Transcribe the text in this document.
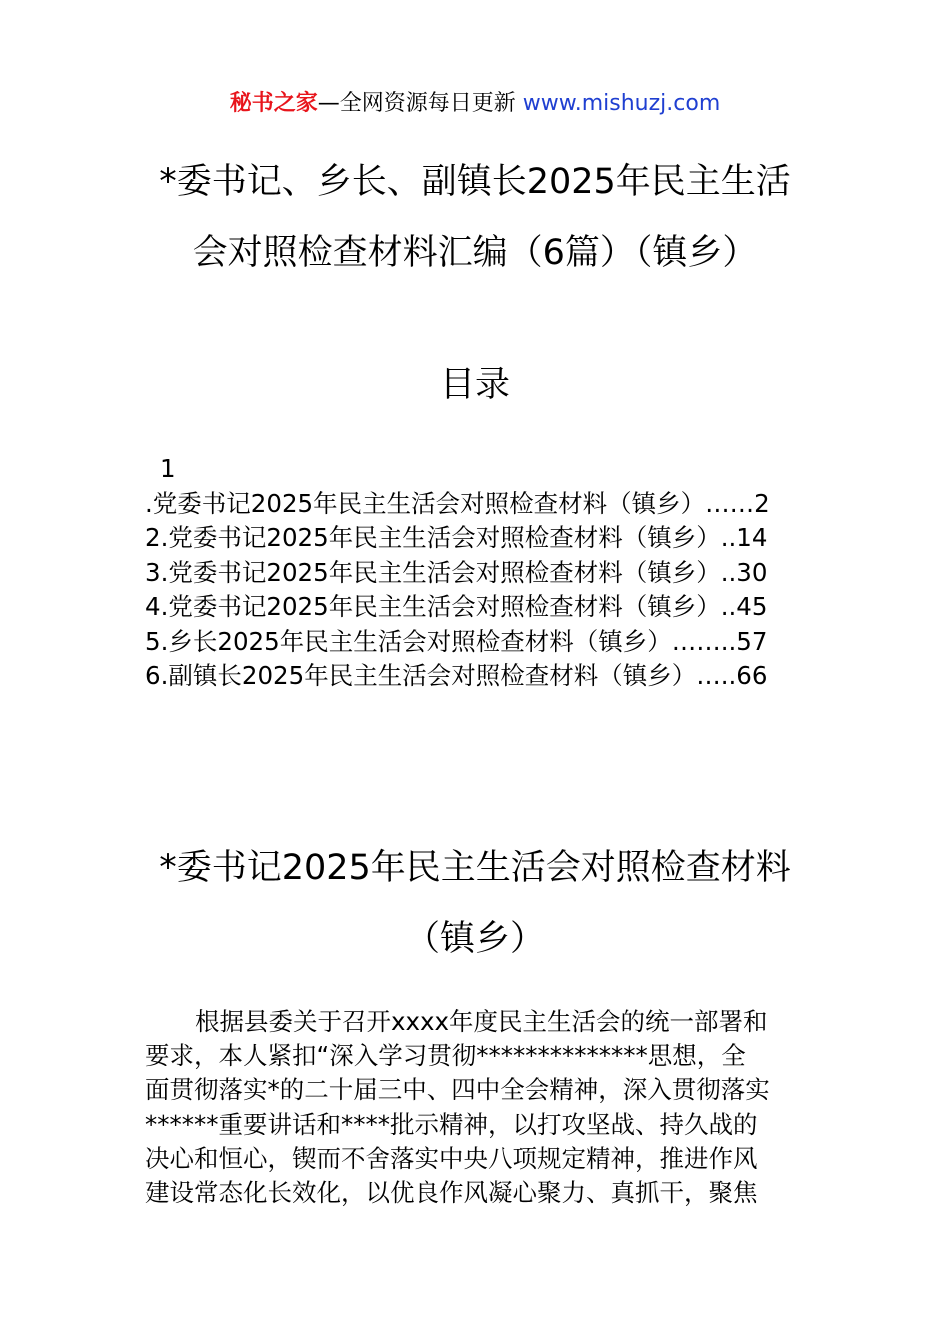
秘书之家—全网资源每日更新 www.mishuzj.com
*委书记、乡长、副镇长2025年民主生活
会对照检查材料汇编（6篇）（镇乡）
目录
1
.党委书记2025年民主生活会对照检查材料（镇乡）……2
2.党委书记2025年民主生活会对照检查材料（镇乡）..14
3.党委书记2025年民主生活会对照检查材料（镇乡）..30
4.党委书记2025年民主生活会对照检查材料（镇乡）..45
5.乡长2025年民主生活会对照检查材料（镇乡）……..57
6.副镇长2025年民主生活会对照检查材料（镇乡）…..66
*委书记2025年民主生活会对照检查材料
（镇乡）
根据县委关于召开xxxx年度民主生活会的统一部署和
要求，本人紧扣“深入学习贯彻**************思想，全
面贯彻落实*的二十届三中、四中全会精神，深入贯彻落实
******重要讲话和****批示精神，以打攻坚战、持久战的
决心和恒心，锲而不舍落实中央八项规定精神，推进作风
建设常态化长效化，以优良作风凝心聚力、真抓干，聚焦
